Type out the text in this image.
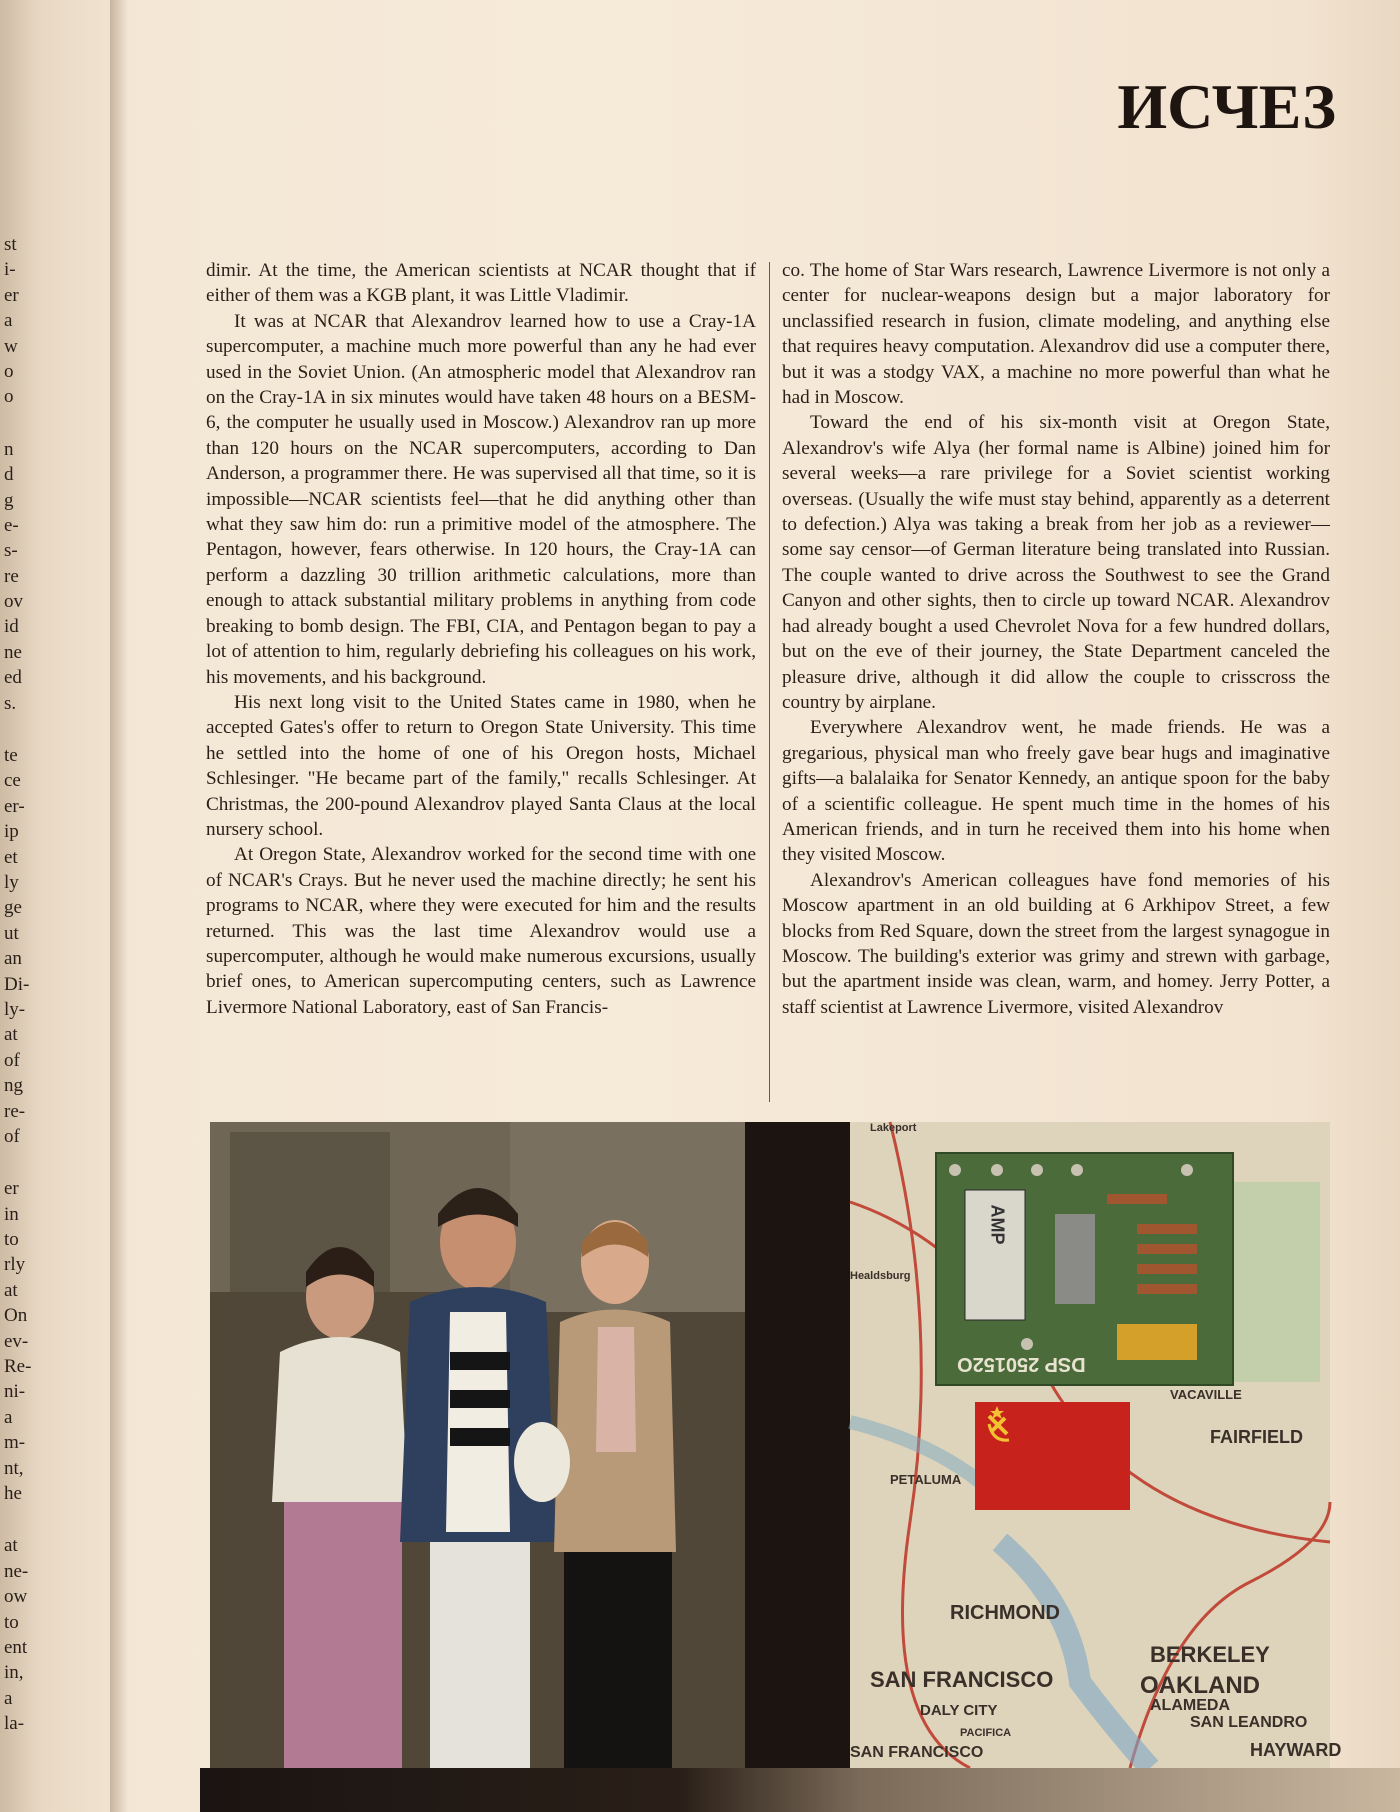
ИСЧЕЗ
st
i-
er
a
w
o
o
n
d
g
e-
s-
re
ov
id
ne
ed
s.
te
ce
er-
ip
et
ly
ge
ut
an
Di-
ly-
at
of
ng
re-
of
er
in
to
rly
at
On
ev-
Re-
ni-
a
m-
nt,
he
at
ne-
ow
to
ent
in,
a
la-

dimir. At the time, the American scientists at NCAR thought that if either of them was a KGB plant, it was Little Vladimir.

It was at NCAR that Alexandrov learned how to use a Cray-1A supercomputer, a machine much more powerful than any he had ever used in the Soviet Union. (An atmospheric model that Alexandrov ran on the Cray-1A in six minutes would have taken 48 hours on a BESM-6, the computer he usually used in Moscow.) Alexandrov ran up more than 120 hours on the NCAR supercomputers, according to Dan Anderson, a programmer there. He was supervised all that time, so it is impossible—NCAR scientists feel—that he did anything other than what they saw him do: run a primitive model of the atmosphere. The Pentagon, however, fears otherwise. In 120 hours, the Cray-1A can perform a dazzling 30 trillion arithmetic calculations, more than enough to attack substantial military problems in anything from code breaking to bomb design. The FBI, CIA, and Pentagon began to pay a lot of attention to him, regularly debriefing his colleagues on his work, his movements, and his background.

His next long visit to the United States came in 1980, when he accepted Gates's offer to return to Oregon State University. This time he settled into the home of one of his Oregon hosts, Michael Schlesinger. "He became part of the family," recalls Schlesinger. At Christmas, the 200-pound Alexandrov played Santa Claus at the local nursery school.

At Oregon State, Alexandrov worked for the second time with one of NCAR's Crays. But he never used the machine directly; he sent his programs to NCAR, where they were executed for him and the results returned. This was the last time Alexandrov would use a supercomputer, although he would make numerous excursions, usually brief ones, to American supercomputing centers, such as Lawrence Livermore National Laboratory, east of San Francis-

co. The home of Star Wars research, Lawrence Livermore is not only a center for nuclear-weapons design but a major laboratory for unclassified research in fusion, climate modeling, and anything else that requires heavy computation. Alexandrov did use a computer there, but it was a stodgy VAX, a machine no more powerful than what he had in Moscow.

Toward the end of his six-month visit at Oregon State, Alexandrov's wife Alya (her formal name is Albine) joined him for several weeks—a rare privilege for a Soviet scientist working overseas. (Usually the wife must stay behind, apparently as a deterrent to defection.) Alya was taking a break from her job as a reviewer—some say censor—of German literature being translated into Russian. The couple wanted to drive across the Southwest to see the Grand Canyon and other sights, then to circle up toward NCAR. Alexandrov had already bought a used Chevrolet Nova for a few hundred dollars, but on the eve of their journey, the State Department canceled the pleasure drive, although it did allow the couple to crisscross the country by airplane.

Everywhere Alexandrov went, he made friends. He was a gregarious, physical man who freely gave bear hugs and imaginative gifts—a balalaika for Senator Kennedy, an antique spoon for the baby of a scientific colleague. He spent much time in the homes of his American friends, and in turn he received them into his home when they visited Moscow.

Alexandrov's American colleagues have fond memories of his Moscow apartment in an old building at 6 Arkhipov Street, a few blocks from Red Square, down the street from the largest synagogue in Moscow. The building's exterior was grimy and strewn with garbage, but the apartment inside was clean, warm, and homey. Jerry Potter, a staff scientist at Lawrence Livermore, visited Alexandrov

AMP
DSP 250152O
Lakeport
Healdsburg
PETALUMA
VACAVILLE
FAIRFIELD
RICHMOND
BERKELEY
OAKLAND
ALAMEDA
SAN LEANDRO
SAN FRANCISCO
DALY CITY
PACIFICA
SAN FRANCISCO	HAYWARD
